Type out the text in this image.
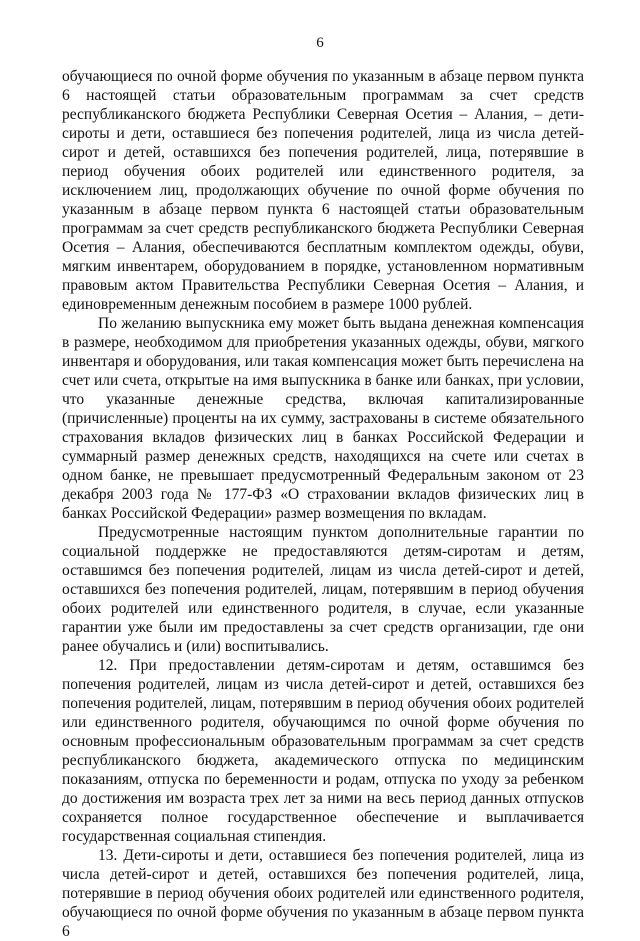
6

обучающиеся по очной форме обучения по указанным в абзаце первом пункта 6 настоящей статьи образовательным программам за счет средств республиканского бюджета Республики Северная Осетия – Алания, – дети-сироты и дети, оставшиеся без попечения родителей, лица из числа детей-сирот и детей, оставшихся без попечения родителей, лица, потерявшие в период обучения обоих родителей или единственного родителя, за исключением лиц, продолжающих обучение по очной форме обучения по указанным в абзаце первом пункта 6 настоящей статьи образовательным программам за счет средств республиканского бюджета Республики Северная Осетия – Алания, обеспечиваются бесплатным комплектом одежды, обуви, мягким инвентарем, оборудованием в порядке, установленном нормативным правовым актом Правительства Республики Северная Осетия – Алания, и единовременным денежным пособием в размере 1000 рублей.

По желанию выпускника ему может быть выдана денежная компенсация в размере, необходимом для приобретения указанных одежды, обуви, мягкого инвентаря и оборудования, или такая компенсация может быть перечислена на счет или счета, открытые на имя выпускника в банке или банках, при условии, что указанные денежные средства, включая капитализированные (причисленные) проценты на их сумму, застрахованы в системе обязательного страхования вкладов физических лиц в банках Российской Федерации и суммарный размер денежных средств, находящихся на счете или счетах в одном банке, не превышает предусмотренный Федеральным законом от 23 декабря 2003 года № 177-ФЗ «О страховании вкладов физических лиц в банках Российской Федерации» размер возмещения по вкладам.

Предусмотренные настоящим пунктом дополнительные гарантии по социальной поддержке не предоставляются детям-сиротам и детям, оставшимся без попечения родителей, лицам из числа детей-сирот и детей, оставшихся без попечения родителей, лицам, потерявшим в период обучения обоих родителей или единственного родителя, в случае, если указанные гарантии уже были им предоставлены за счет средств организации, где они ранее обучались и (или) воспитывались.

12. При предоставлении детям-сиротам и детям, оставшимся без попечения родителей, лицам из числа детей-сирот и детей, оставшихся без попечения родителей, лицам, потерявшим в период обучения обоих родителей или единственного родителя, обучающимся по очной форме обучения по основным профессиональным образовательным программам за счет средств республиканского бюджета, академического отпуска по медицинским показаниям, отпуска по беременности и родам, отпуска по уходу за ребенком до достижения им возраста трех лет за ними на весь период данных отпусков сохраняется полное государственное обеспечение и выплачивается государственная социальная стипендия.

13. Дети-сироты и дети, оставшиеся без попечения родителей, лица из числа детей-сирот и детей, оставшихся без попечения родителей, лица, потерявшие в период обучения обоих родителей или единственного родителя, обучающиеся по очной форме обучения по указанным в абзаце первом пункта 6
